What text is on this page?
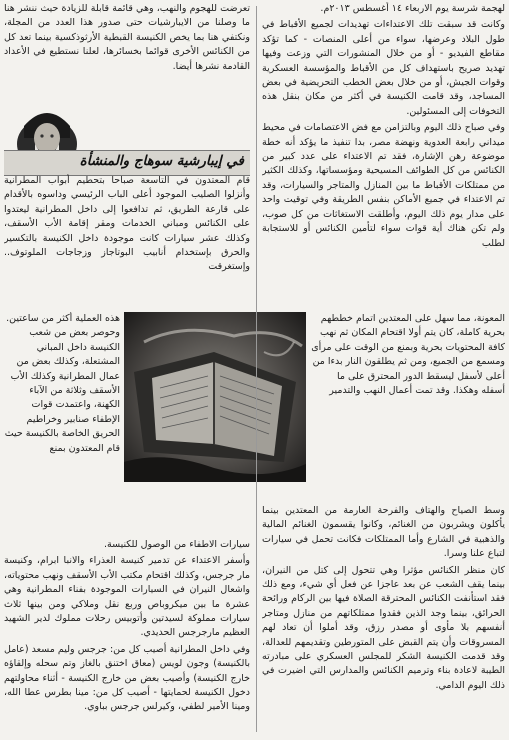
لهجمة شرسة يوم الاربعاء ١٤ أغسطس ٢٠١٣م.

وكانت قد سبقت تلك الاعتداءات تهديدات لجميع الأقباط في طول البلاد وعرضها، سواء من أعلى المنصات - كما تؤكد مقاطع الفيديو - أو من خلال المنشورات التي وزعت وفيها تهديد صريح باستهداف كل من الأقباط والمؤسسة العسكرية وقوات الجيش، أو من خلال بعض الخطب التحريضية في بعض المساجد، وقد قامت الكنيسة في أكثر من مكان بنقل هذه التخوفات إلى المسئولين.

وفي صباح ذلك اليوم وبالتزامن مع فض الاعتصامات في محيط ميداني رابعة العدوية ونهضة مصر، بدا تنفيذ ما يؤكد أنه خطة موضوعة رهن الإشارة، فقد تم الاعتداء على عدد كبير من الكنائس من كل الطوائف المسيحية ومؤسساتها، وكذلك الكثير من ممتلكات الأقباط ما بين المنازل والمتاجر والسيارات، وقد تم الاعتداء في جميع الأماكن بنفس الطريقة وفي توقيت واحد على مدار يوم ذلك اليوم، وأطلقت الاستغاثات من كل صوب، ولم تكن هناك أية قوات سواء لتأمين الكنائس أو للاستجابة لطلب

المعونة، مما سهل على المعتدين اتمام خططهم بحرية كاملة، كان يتم أولا اقتحام المكان ثم نهب كافة المحتويات بحرية وبمنع من الوقت على مرأى ومسمع من الجميع، ومن ثم يطلقون النار بدءا من أعلى لأسفل ليسقط الدور المحترق على ما أسفله وهكذا. وقد تمت أعمال النهب والتدمير

وسط الصياح والهتاف والفرحة العارمة من المعتدين بينما يأكلون ويشربون من الغنائم، وكانوا يقسمون الغنائم المالية والذهبية في الشارع وأما الممتلكات فكانت تحمل في سيارات لتباع علنا وسرا.

كان منظر الكنائس مؤثرا وهي تتحول إلى كتل من النيران، بينما يقف الشعب عن بعد عاجزا عن فعل أي شيء، ومع ذلك فقد استأنفت الكنائس المحترقة الصلاة فيها بين الركام ورائحة الحرائق، بينما وجد الذين فقدوا ممتلكاتهم من منازل ومتاجر أنفسهم بلا مأوى أو مصدر رزق، وقد أملوا أن تعاد لهم المسروقات وأن يتم القبض على المتورطين وتقديمهم للعدالة، وقد قدمت الكنيسة الشكر للمجلس العسكري على مبادرته الطيبة لاعادة بناء وترميم الكنائس والمدارس التي اضيرت في ذلك اليوم الدامي.

تعرضت للهجوم والنهب، وهي قائمة قابلة للزيادة حيث ننشر هنا ما وصلنا من الايبارشيات حتى صدور هذا العدد من المجلة، ونكتفي هنا بما يخص الكنيسة القبطية الأرثوذكسية بينما تعد كل من الكنائس الأخرى قوائما بخسائرها، لعلنا نستطيع في الأعداد القادمة نشرها أيضا.

في إيبارشية سوهاج والمنشأة

قام المعتدون في التاسعة صباحا بتحطيم أبواب المطرانية وأنزلوا الصليب الموجود أعلى الباب الرئيسي وداسوه بالأقدام على قارعة الطريق، ثم تدافعوا إلى داخل المطرانية ليعتدوا على الكنائس ومباني الخدمات ومقر إقامة الأب الأسقف، وكذلك عشر سيارات كانت موجودة داخل الكنيسة بالتكسير والحرق بإستخدام أنابيب البوتاجاز وزجاجات الملوتوف.. وإستغرقت

هذه العملية أكثر من ساعتين. وحوصر بعض من شعب الكنيسة داخل المباني المشتعلة، وكذلك بعض من عمال المطرانية وكذلك الأب الأسقف وثلاثة من الآباء الكهنة، واعتمدت قوات الإطفاء صنابير وخراطيم الحريق الخاصة بالكنيسة حيث قام المعتدون بمنع

سيارات الاطفاء من الوصول للكنيسة.

وأسفر الاعتداء عن تدمير كنيسة العذراء والانبا ابرام، وكنيسة مار جرجس، وكذلك اقتحام مكتب الأب الأسقف ونهب محتوياته، واشعال النيران في السيارات الموجودة بفناء المطرانية وهي عشرة ما بين ميكروباص وربع نقل وملاكي ومن بينها ثلاث سيارات مملوكة لسيدتين وأتوبيس رحلات مملوك لدير الشهيد العظيم مارجرجس الحديدي.

وفي داخل المطرانية أصيب كل من: جرجس وليم مسعد (عامل بالكنيسة) وجون لويس (معاق اختنق بالغاز وتم سحله وإلقاؤه خارج الكنيسة) وأصيب بعض من خارج الكنيسة - أثناء محاولتهم دخول الكنيسة لحمايتها - أصيب كل من: مينا بطرس عطا الله، ومينا الأمير لطفي، وكيرلس جرجس بباوي.
